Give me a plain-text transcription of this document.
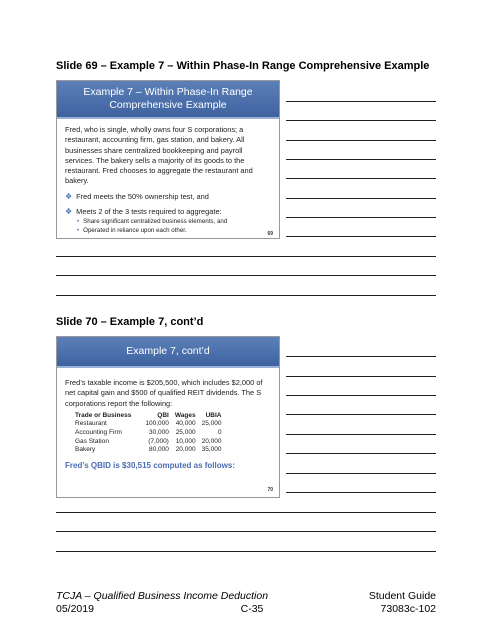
Slide 69 – Example 7 – Within Phase-In Range Comprehensive Example
Example 7 – Within Phase-In Range
Comprehensive Example
Fred, who is single, wholly owns four S corporations; a restaurant, accounting firm, gas station, and bakery. All businesses share centralized bookkeeping and payroll services. The bakery sells a majority of its goods to the restaurant. Fred chooses to aggregate the restaurant and bakery.
❖ Fred meets the 50% ownership test, and
❖ Meets 2 of the 3 tests required to aggregate:
• Share significant centralized business elements, and
• Operated in reliance upon each other.	69
Slide 70 – Example 7, cont’d
Example 7, cont’d
Fred’s taxable income is $205,500, which includes $2,000 of net capital gain and $500 of qualified REIT dividends. The S corporations report the following:
Trade or Business	QBI	Wages	UBIA
Restaurant	100,000	40,000	25,000
Accounting Firm	30,000	25,000	0
Gas Station	(7,000)	10,000	20,000
Bakery	80,000	20,000	35,000
Fred’s QBID is $30,515 computed as follows:
70
TCJA – Qualified Business Income Deduction
05/2019	C-35
Student Guide
73083c-102
